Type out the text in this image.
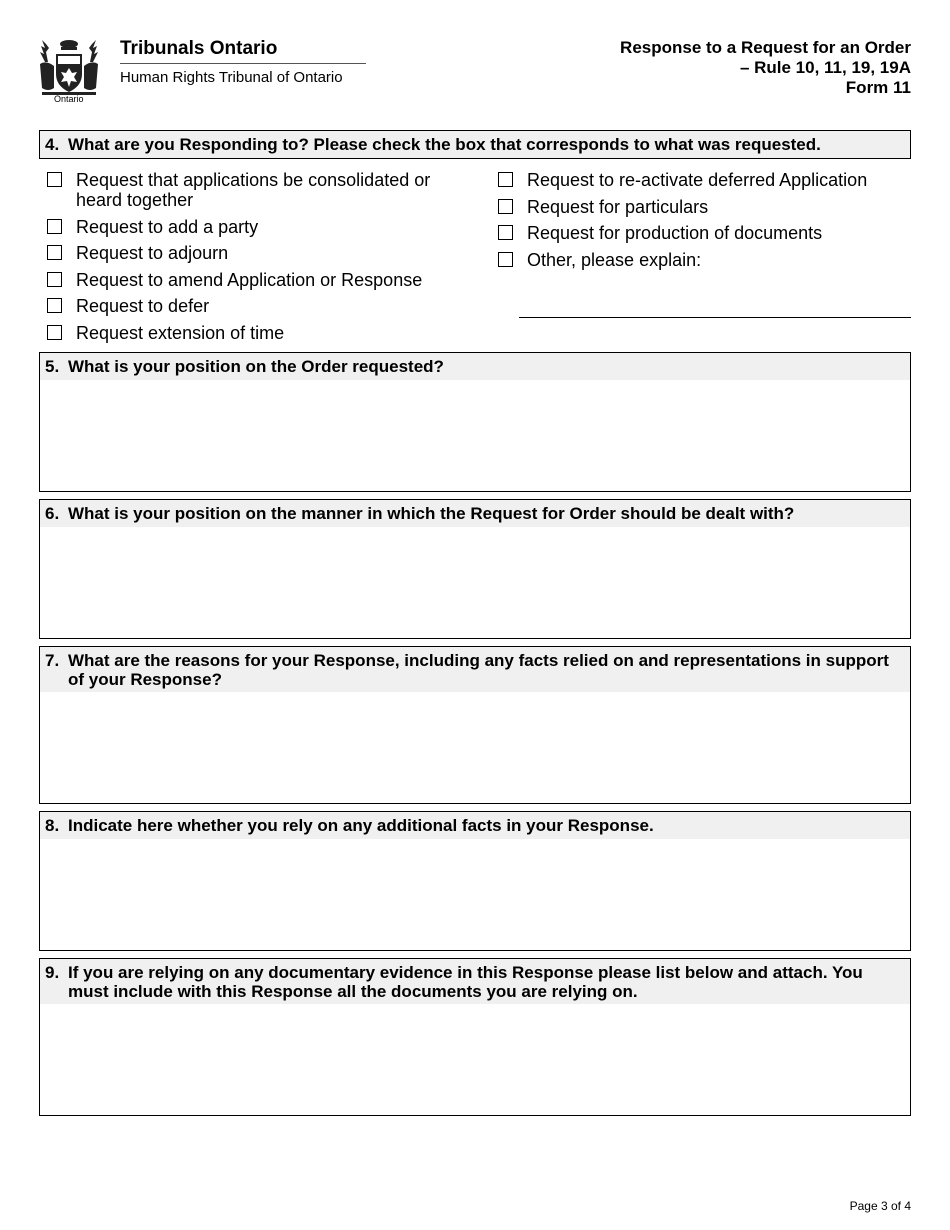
Ontario
Tribunals Ontario
Human Rights Tribunal of Ontario
Response to a Request for an Order
– Rule 10, 11, 19, 19A
Form 11
4. What are you Responding to? Please check the box that corresponds to what was requested.
Request that applications be consolidated or heard together
Request to add a party
Request to adjourn
Request to amend Application or Response
Request to defer
Request extension of time
Request to re-activate deferred Application
Request for particulars
Request for production of documents
Other, please explain:
5. What is your position on the Order requested?
6. What is your position on the manner in which the Request for Order should be dealt with?
7. What are the reasons for your Response, including any facts relied on and representations in support of your Response?
8. Indicate here whether you rely on any additional facts in your Response.
9. If you are relying on any documentary evidence in this Response please list below and attach. You must include with this Response all the documents you are relying on.
Page 3 of 4
